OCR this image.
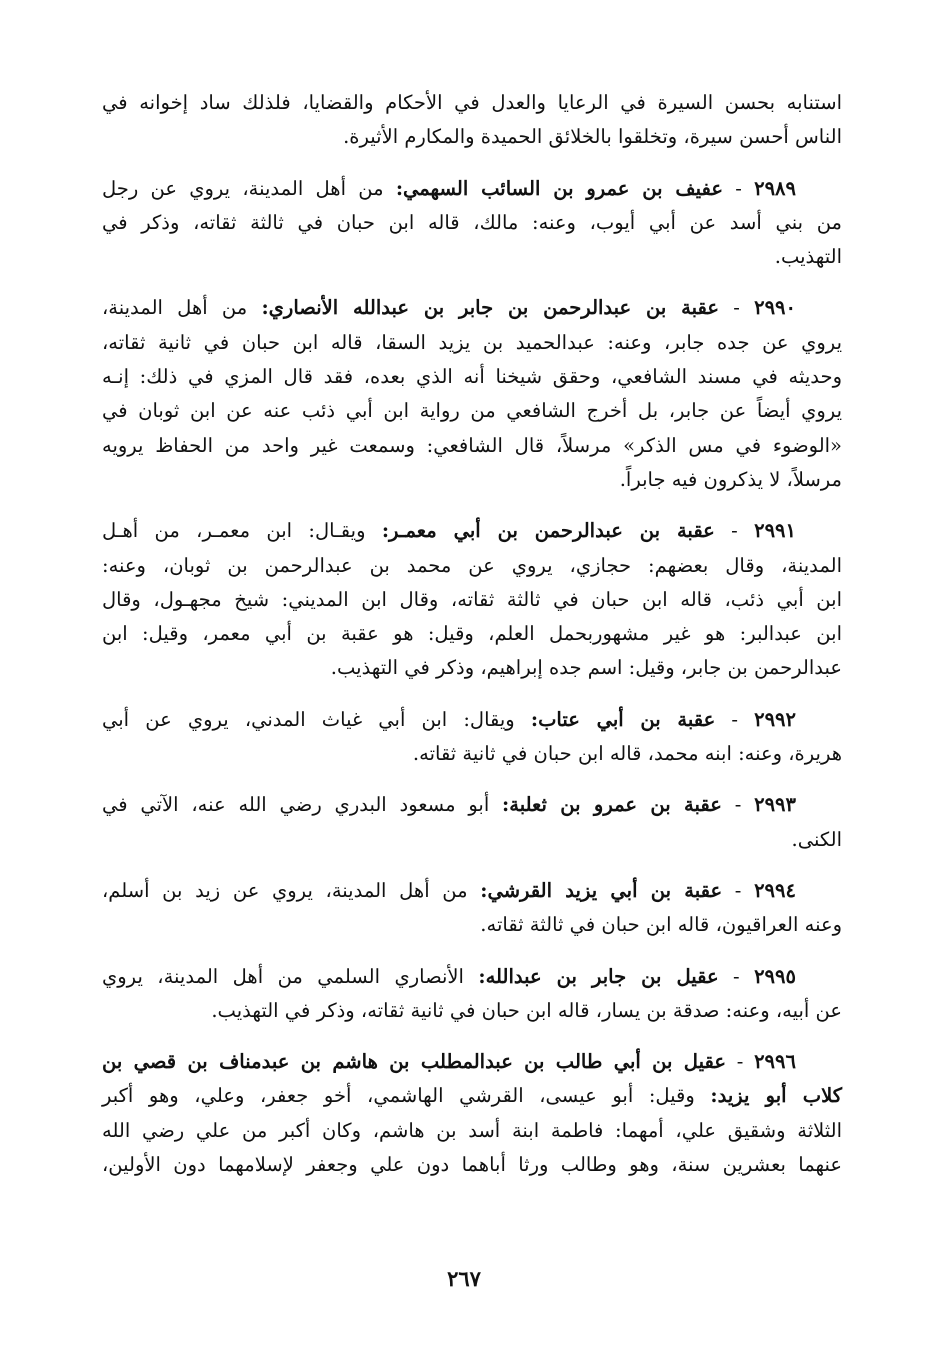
استنابه بحسن السيرة في الرعايا والعدل في الأحكام والقضايا، فلذلك ساد إخوانه في
الناس أحسن سيرة، وتخلقوا بالخلائق الحميدة والمكارم الأثيرة.

٢٩٨٩ - عفيف بن عمرو بن السائب السهمي: من أهل المدينة، يروي عن رجل
من بني أسد عن أبي أيوب، وعنه: مالك، قاله ابن حبان في ثالثة ثقاته، وذكر في
التهذيب.
٢٩٩٠ - عقبة بن عبدالرحمن بن جابر بن عبدالله الأنصاري: من أهل المدينة،
يروي عن جده جابر، وعنه: عبدالحميد بن يزيد السقا، قاله ابن حبان في ثانية ثقاته،
وحديثه في مسند الشافعي، وحقق شيخنا أنه الذي بعده، فقد قال المزي في ذلك: إنـه
يروي أيضاً عن جابر، بل أخرج الشافعي من رواية ابن أبي ذئب عنه عن ابن ثوبان في
«الوضوء في مس الذكر» مرسلاً، قال الشافعي: وسمعت غير واحد من الحفاظ يرويه
مرسلاً، لا يذكرون فيه جابراً.
٢٩٩١ - عقبة بن عبدالرحمن بن أبي معمـر: ويقـال: ابن معمـر، من أهـل
المدينة، وقال بعضهم: حجازي، يروي عن محمد بن عبدالرحمن بن ثوبان، وعنه:
ابن أبي ذئب، قاله ابن حبان في ثالثة ثقاته، وقال ابن المديني: شيخ مجهـول، وقال
ابن عبدالبر: هو غير مشهوربحمل العلم، وقيل: هو عقبة بن أبي معمر، وقيل: ابن
عبدالرحمن بن جابر، وقيل: اسم جده إبراهيم، وذكر في التهذيب.
٢٩٩٢ - عقبة بن أبي عتاب: ويقال: ابن أبي غياث المدني، يروي عن أبي
هريرة، وعنه: ابنه محمد، قاله ابن حبان في ثانية ثقاته.
٢٩٩٣ - عقبة بن عمرو بن ثعلبة: أبو مسعود البدري رضي الله عنه، الآتي في
الكنى.
٢٩٩٤ - عقبة بن أبي يزيد القرشي: من أهل المدينة، يروي عن زيد بن أسلم،
وعنه العراقيون، قاله ابن حبان في ثالثة ثقاته.
٢٩٩٥ - عقيل بن جابر بن عبدالله: الأنصاري السلمي من أهل المدينة، يروي
عن أبيه، وعنه: صدقة بن يسار، قاله ابن حبان في ثانية ثقاته، وذكر في التهذيب.
٢٩٩٦ - عقيل بن أبي طالب بن عبدالمطلب بن هاشم بن عبدمناف بن قصي بن
كلاب أبو يزيد: وقيل: أبو عيسى، القرشي الهاشمي، أخو جعفر، وعلي، وهو أكبر
الثلاثة وشقيق علي، أمهما: فاطمة ابنة أسد بن هاشم، وكان أكبر من علي رضي الله
عنهما بعشرين سنة، وهو وطالب ورثا أباهما دون علي وجعفر لإسلامهما دون الأولين،
٢٦٧
